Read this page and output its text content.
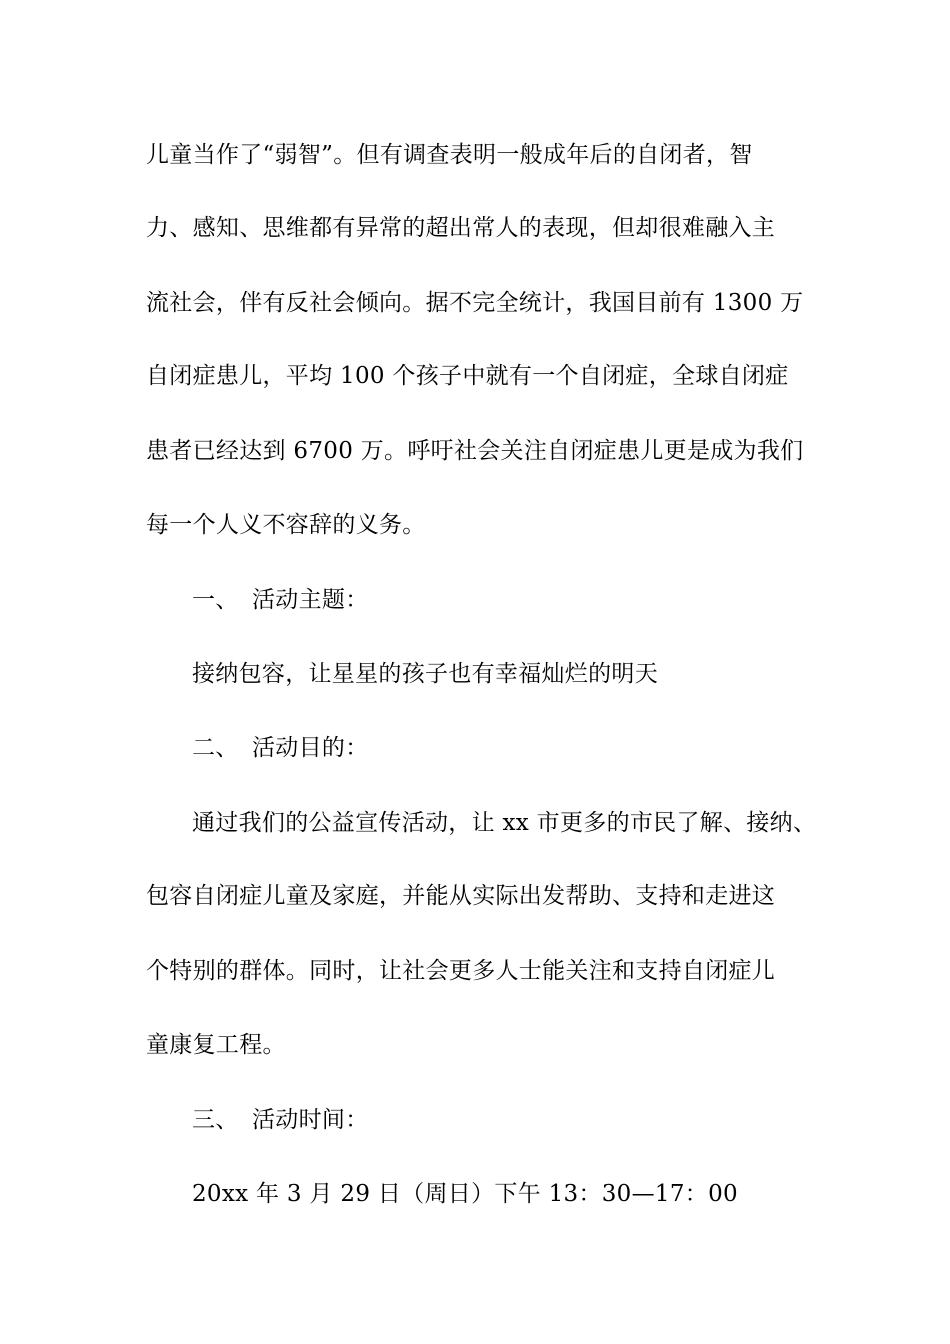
儿童当作了“弱智”。但有调查表明一般成年后的自闭者，智
力、感知、思维都有异常的超出常人的表现，但却很难融入主
流社会，伴有反社会倾向。据不完全统计，我国目前有 1300 万
自闭症患儿，平均 100 个孩子中就有一个自闭症，全球自闭症
患者已经达到 6700 万。呼吁社会关注自闭症患儿更是成为我们
每一个人义不容辞的义务。
一、 活动主题：
接纳包容，让星星的孩子也有幸福灿烂的明天
二、 活动目的：
通过我们的公益宣传活动，让 xx 市更多的市民了解、接纳、
包容自闭症儿童及家庭，并能从实际出发帮助、支持和走进这
个特别的群体。同时，让社会更多人士能关注和支持自闭症儿
童康复工程。
三、 活动时间：
20xx 年 3 月 29 日（周日）下午 13：30—17：00
